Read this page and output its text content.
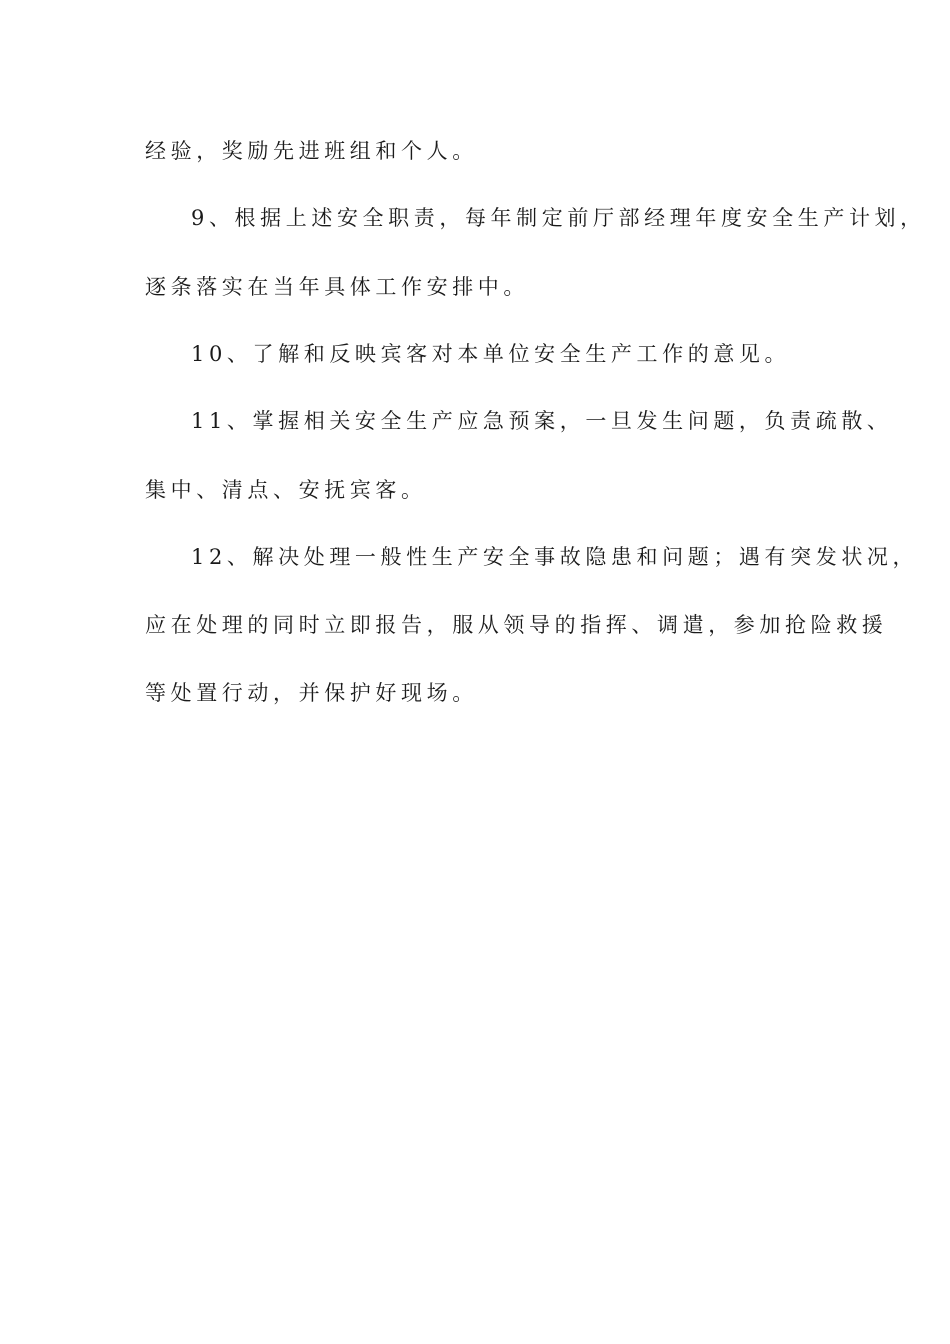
经验，奖励先进班组和个人。
9、根据上述安全职责，每年制定前厅部经理年度安全生产计划，
逐条落实在当年具体工作安排中。
10、了解和反映宾客对本单位安全生产工作的意见。
11、掌握相关安全生产应急预案，一旦发生问题，负责疏散、
集中、清点、安抚宾客。
12、解决处理一般性生产安全事故隐患和问题；遇有突发状况，
应在处理的同时立即报告，服从领导的指挥、调遣，参加抢险救援
等处置行动，并保护好现场。
